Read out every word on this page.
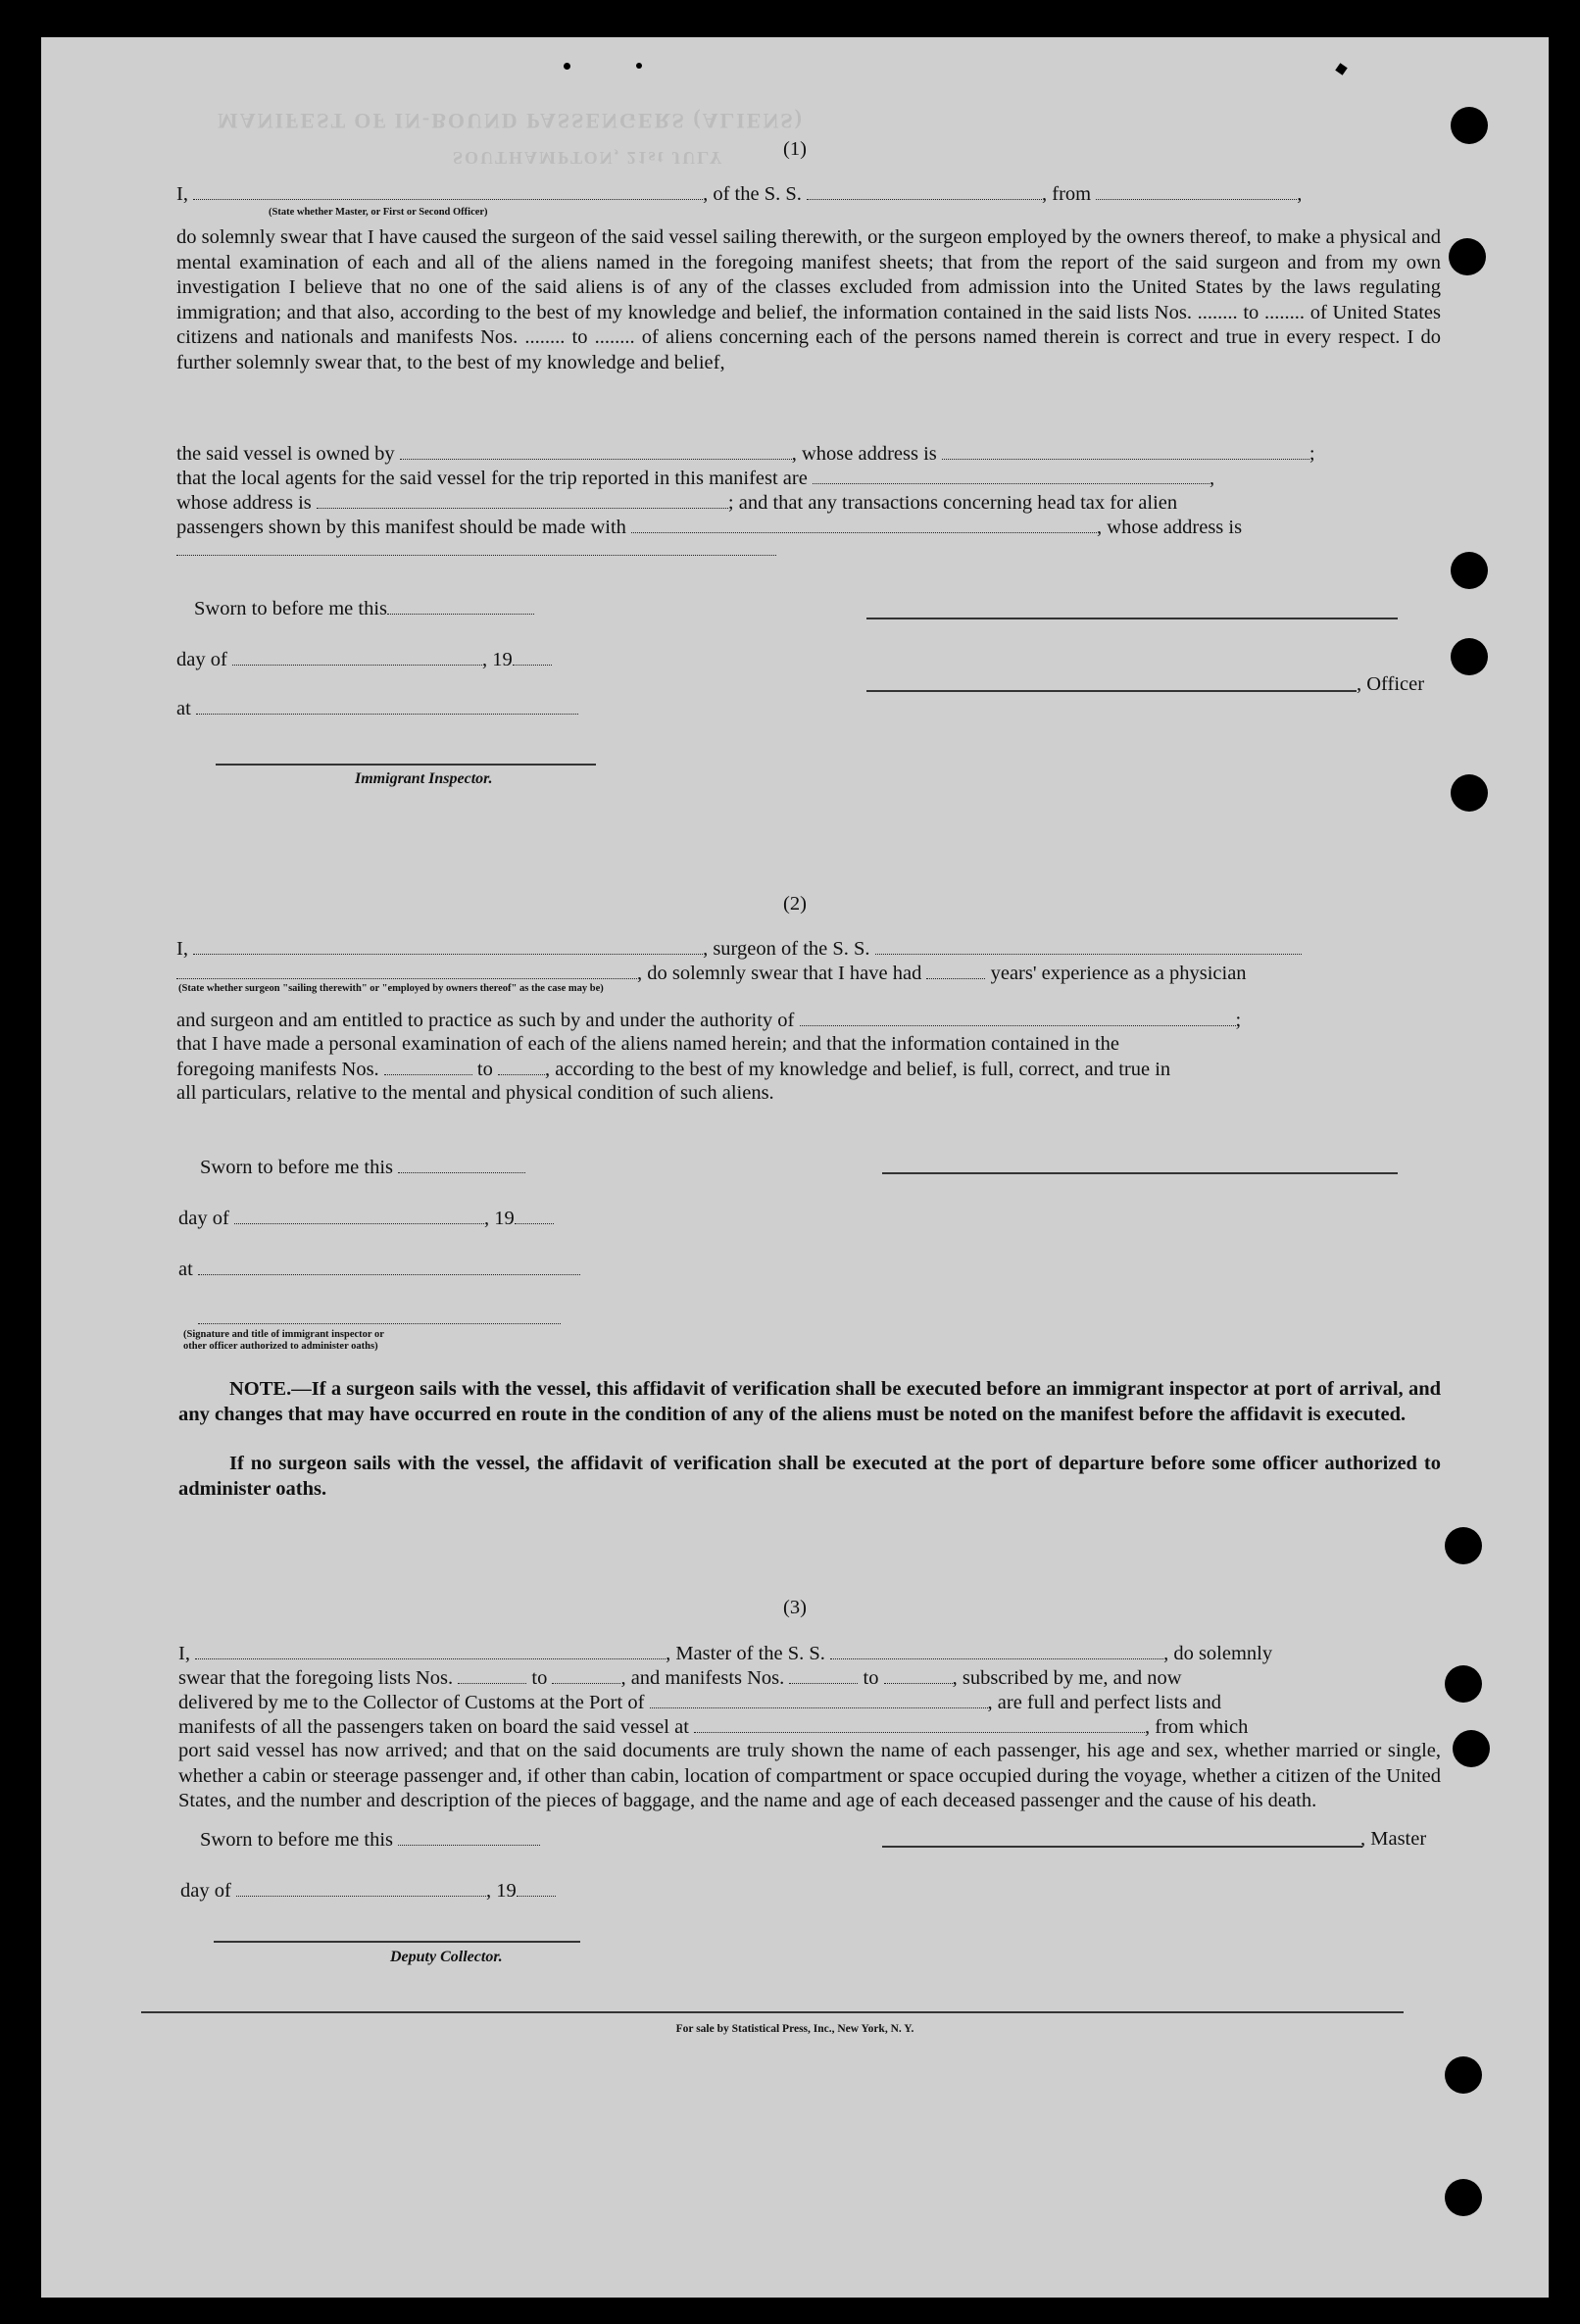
MANIFEST OF IN-BOUND PASSENGERS (ALIENS)
SOUTHAMPTON, 21st JULY	(1)
I,	, of the S. S.	, from	,
(State whether Master, or First or Second Officer)
do solemnly swear that I have caused the surgeon of the said vessel sailing therewith, or the surgeon employed by the owners thereof, to make a physical and mental examination of each and all of the aliens named in the foregoing manifest sheets; that from the report of the said surgeon and from my own investigation I believe that no one of the said aliens is of any of the classes excluded from admission into the United States by the laws regulating immigration; and that also, according to the best of my knowledge and belief, the information contained in the said lists Nos. ........ to ........ of United States citizens and nationals and manifests Nos. ........ to ........ of aliens concerning each of the persons named therein is correct and true in every respect. I do further solemnly swear that, to the best of my knowledge and belief,
the said vessel is owned by	, whose address is	;
that the local agents for the said vessel for the trip reported in this manifest are	,
whose address is	; and that any transactions concerning head tax for alien
passengers shown by this manifest should be made with	, whose address is
Sworn to before me this
day of	, 19
at
Immigrant Inspector.
, Officer
(2)
I,	, surgeon of the S. S.
, do solemnly swear that I have had	years' experience as a physician
(State whether surgeon "sailing therewith" or "employed by owners thereof" as the case may be)
and surgeon and am entitled to practice as such by and under the authority of	;
that I have made a personal examination of each of the aliens named herein; and that the information contained in the
foregoing manifests Nos.	to	, according to the best of my knowledge and belief, is full, correct, and true in
all particulars, relative to the mental and physical condition of such aliens.
Sworn to before me this
day of	, 19
at
(Signature and title of immigrant inspector or
other officer authorized to administer oaths)
NOTE.—If a surgeon sails with the vessel, this affidavit of verification shall be executed before an immigrant inspector at port of arrival, and any changes that may have occurred en route in the condition of any of the aliens must be noted on the manifest before the affidavit is executed.
If no surgeon sails with the vessel, the affidavit of verification shall be executed at the port of departure before some officer authorized to administer oaths.
(3)
I,	, Master of the S. S.	, do solemnly
swear that the foregoing lists Nos.	to	, and manifests Nos.	to	, subscribed by me, and now
delivered by me to the Collector of Customs at the Port of	, are full and perfect lists and
manifests of all the passengers taken on board the said vessel at	, from which
port said vessel has now arrived; and that on the said documents are truly shown the name of each passenger, his age and sex, whether married or single, whether a cabin or steerage passenger and, if other than cabin, location of compartment or space occupied during the voyage, whether a citizen of the United States, and the number and description of the pieces of baggage, and the name and age of each deceased passenger and the cause of his death.
Sworn to before me this	, Master
day of	, 19
Deputy Collector.
For sale by Statistical Press, Inc., New York, N. Y.
